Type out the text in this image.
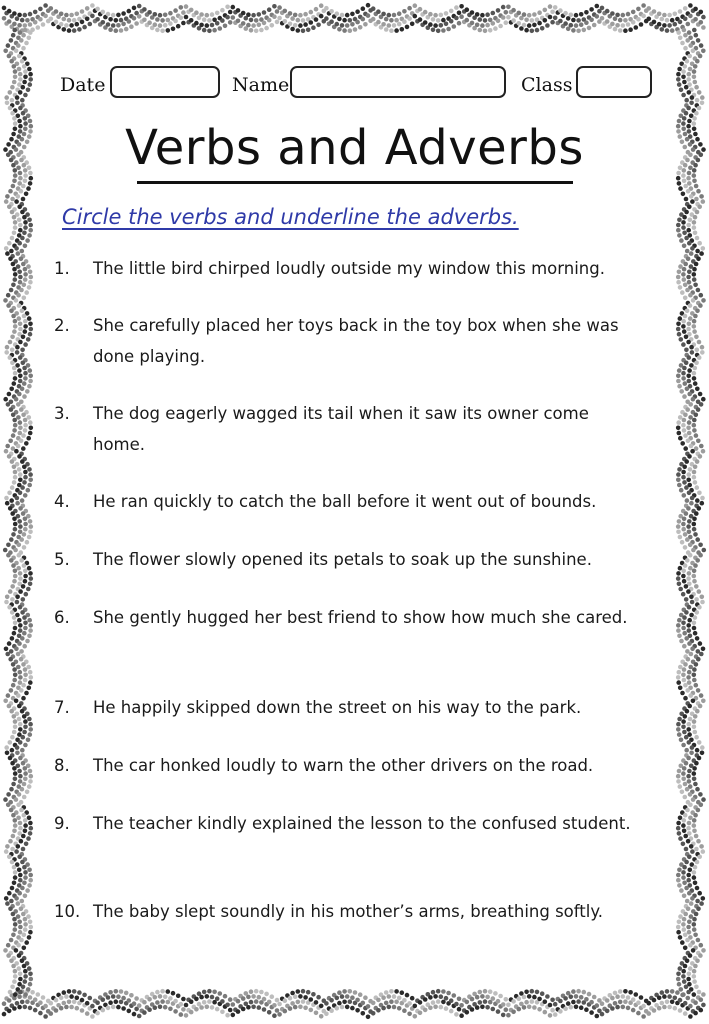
Date	Name	Class
Verbs and Adverbs
Circle the verbs and underline the adverbs.
1.	The little bird chirped loudly outside my window this morning.
2.	She carefully placed her toys back in the toy box when she was done playing.
3.	The dog eagerly wagged its tail when it saw its owner come home.
4.	He ran quickly to catch the ball before it went out of bounds.
5.	The flower slowly opened its petals to soak up the sunshine.
6.	She gently hugged her best friend to show how much she cared.
7.	He happily skipped down the street on his way to the park.
8.	The car honked loudly to warn the other drivers on the road.
9.	The teacher kindly explained the lesson to the confused student.
10. The baby slept soundly in his mother’s arms, breathing softly.
